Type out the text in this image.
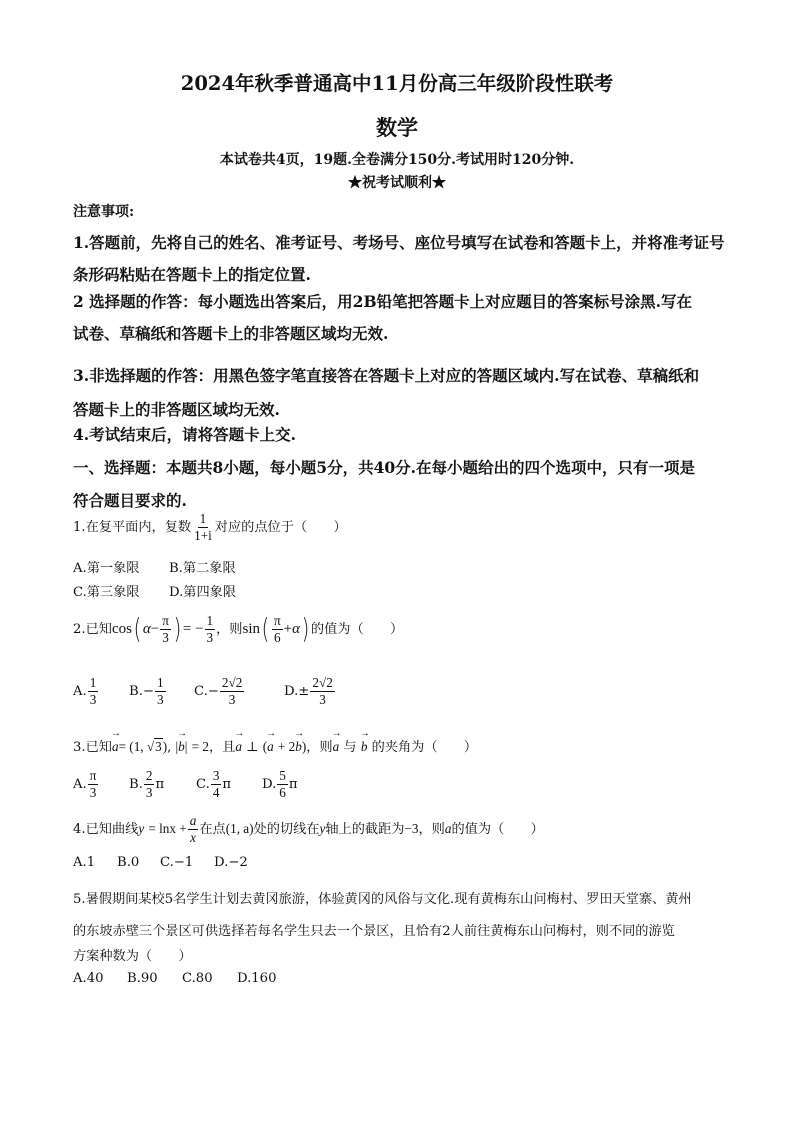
2024年秋季普通高中11月份高三年级阶段性联考
数学
本试卷共4页，19题.全卷满分150分.考试用时120分钟.
★祝考试顺利★
注意事项:
1.答题前，先将自己的姓名、准考证号、考场号、座位号填写在试卷和答题卡上，并将准考证号
条形码粘贴在答题卡上的指定位置.
2 选择题的作答：每小题选出答案后，用2B铅笔把答题卡上对应题目的答案标号涂黑.写在
试卷、草稿纸和答题卡上的非答题区域均无效.
3.非选择题的作答：用黑色签字笔直接答在答题卡上对应的答题区域内.写在试卷、草稿纸和
答题卡上的非答题区域均无效.
4.考试结束后，请将答题卡上交.
一、选择题：本题共8小题，每小题5分，共40分.在每小题给出的四个选项中，只有一项是
符合题目要求的.
1.在复平面内，复数 $\frac{1}{1+i}$ 对应的点位于（　　）
A.第一象限 B.第二象限
C.第三象限 D.第四象限
2.已知cos( $\alpha- \frac{\pi}{3}$ ) = − $\frac{1}{3}$ ，则$\sin( \frac{\pi}{6} +\alpha)$ 的值为（　　）
A. $\frac{1}{3} B.- \frac{1}{3} C.- \frac{2√2}{3}$	$D.\pm \frac{2√2}{3}$
3.已知→ a= (1, √3), |→ b| = 2，且→ a ⊥ (→ a + 2→ b)，则→ a 与 → b 的夹角为（　　）
A. $\frac{\pi}{3} B$. $\frac{2}{3}$ π C. $\frac{3}{4}$ π D. $\frac{5}{6}$ π
4.已知曲线$y = \ln x + \frac{a}{x}$ 在点(1, a)处的切线在y轴上的截距为−3，则a的值为（　　）
A.1 B.0 C.−1 D.−2
5.暑假期间某校5名学生计划去黄冈旅游，体验黄冈的风俗与文化.现有黄梅东山问梅村、罗田天堂寨、黄州
的东坡赤壁三个景区可供选择若每名学生只去一个景区，且恰有2人前往黄梅东山问梅村，则不同的游览
方案种数为（　　）
A.40 B.90 C.80 D.160
